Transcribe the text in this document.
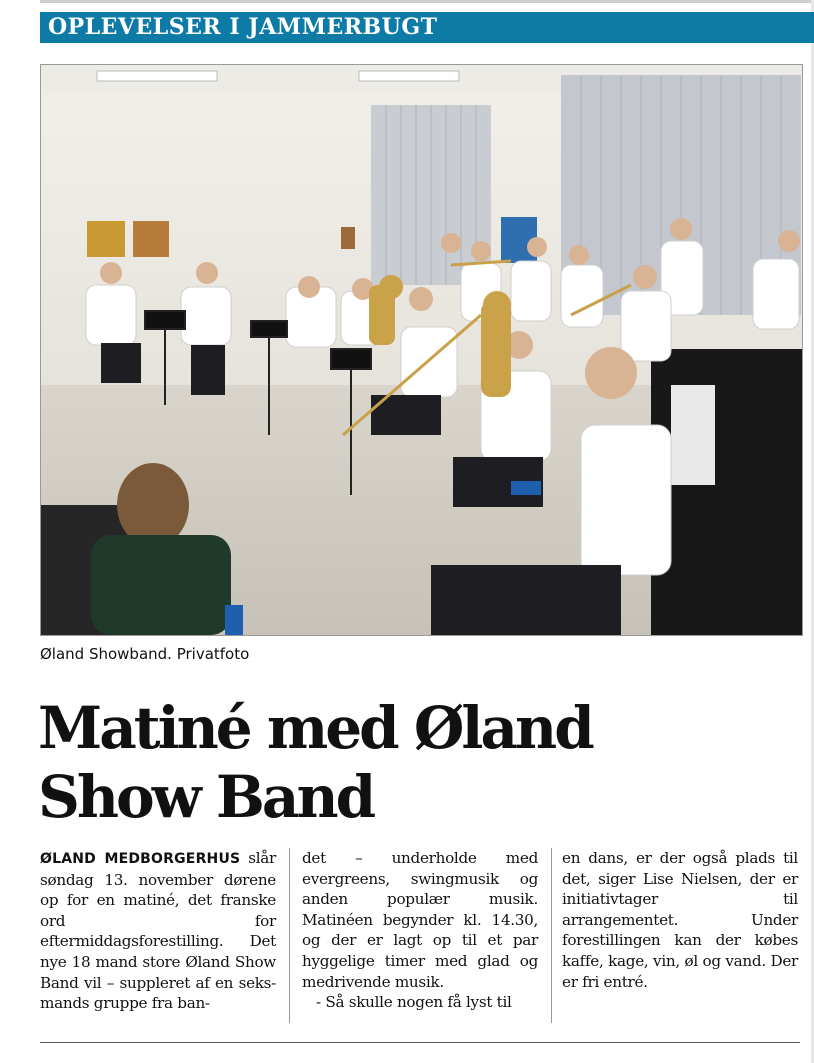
OPLEVELSER I JAMMERBUGT
Øland Showband. Privatfoto
Matiné med Øland
Show Band
ØLAND MEDBORGERHUS slår søndag 13. november dørene op for en matiné, det franske ord for eftermiddagsforestilling. Det nye 18 mand store Øland Show Band vil – suppleret af en seks-mands gruppe fra ban-
det – underholde med evergreens, swingmusik og anden populær musik. Matinéen begynder kl. 14.30, og der er lagt op til et par hyggelige timer med glad og medrivende musik.

- Så skulle nogen få lyst til
en dans, er der også plads til det, siger Lise Nielsen, der er initiativtager til arrangementet. Under forestillingen kan der købes kaffe, kage, vin, øl og vand. Der er fri entré.
